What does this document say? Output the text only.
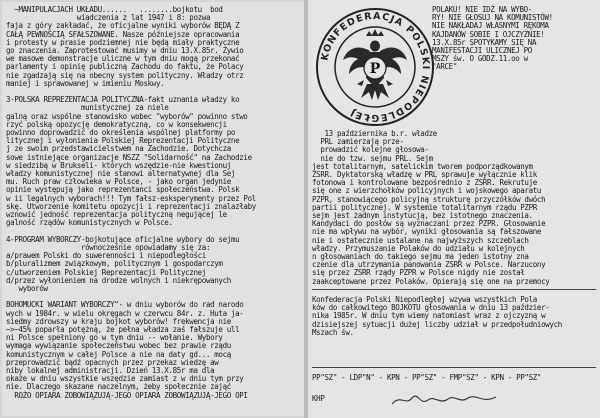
~MANIPULACJACH UKŁADU......   ........bojkotu  bod
wiadczenia z lat 1947 i 8: pozwa
faja z góry zakładać, że oficjalne wyniki wyborów BĘDĄ Z
CAŁĄ PEWNOŚCIĄ SFAŁSZOWANE. Nasze późniejsze opracowania
i protesty w prasie podziemnej nie będą miały praktyczne
go znaczenia. Zaprotestować musimy w dniu 13.X.85r. Żywio
we masowe demonstracje uliczne w tym dniu mogą przekonać
parlamenty i opinię publiczną Zachodu do faktu, że Polacy
nie zgadzają się na obecny system polityczny. Władzy otrz
maniej i sprawowanej w imieniu Moskwy.

3-POLSKA REPREZENTACJA POLITYCZNA-fakt uznania władzy ko
munistycznej za niele
galną oraz wspólne stanowisko wobec "wyborów" powinno stwo
rzyć polską opozycję demokratyczną, co w konsekwencji
powinno doprowadzić do określenia wspólnej platformy po
litycznej i wyłonienia Polskiej Reprezentacji Polityczne
j ze swoim przedstawicielstwem na Zachodzie. Dotychcza
sowe istniejące organizacje NSZZ "Solidarność" na Zachodzie
w siedzibą w Brukseli- których wszędzie-nie kwestionuj
władzy komunistycznej nie stanowi alternatywnej dla Sej
mu. Ruch praw człowieka w Polsce, - jako organ jedynie
opinie występują jako reprezentanci społeczeństwa. Polsk
w ii legalnych wyborach!!! Tym fałsz-esksperymenty przez Pol
skę. Utworzenie komitetu opozycji i reprezentacji znalazłaby
wznowić jedność reprezentacja polityczną negującej le
galność rządów komunistycznych w Polsce.

4-PROGRAM WYBORCZY-bojkotujące oficjalne wybory do sejmu
równocześnie opowiadamy się za:
a/prawem Polski do suwerenności i niepodległości
b/pluralizmem związkowym, politycznym i gospodarczym
c/utworzeniem Polskiej Reprezentacji Politycznej
d/przez wyłonieniem na drodze wolnych i niekrępowanych
wyborów

BOHOMUCKI WARIANT WYBORCZY"- w dniu wyborów do rad narodo
wych w 1984r. w wielu okręgach w czerwcu 84r. z. Huta ja-
siedmy zdrowszy w kraju bojkot wyborów! frekwencja nie
~>~45% poparła potężną, że pełna władza zaś fałszuje ull
ni Polsce spełniony go w tym dniu -- wołanie. Wybory
wymaga wywiązanie społeczeństwu wobec bez prawie rządu
komunistycznym w całej Polsce a nie na daty gd... mocą
przeprowadzić bądź opacnych przez przekaz wiedzę aw
niby lokalnej administracji. Dzień 13.X.85r ma dla
okaże w dniu wszystkie wszędzie zamiast z w dniu tym przy
nie. Dlaczego skazane naczelnym, żeby społecznie zająć
ROŻO OPIARA ZOBOWIĄZUJĄ-JEGO OPIARA ZOBOWIĄZUJĄ-JEGO OPI
KONFEDERACJA POLSKI NIEPODLEGŁEJ
P
POLAKU! NIE IDŹ NA WYBO-
RY! NIE GŁOSUJ NA KOMUNISTÓW!
NIE NAKŁADAJ WŁASNYMI RĘKOMA
KAJDANÓW SOBIE I OJCZYŹNIE!
13.X.85r SPOTYKAMY SIĘ NA
MANIFESTACJI ULICZNEJ PO
MSZY św. O GODZ.11.oo w
"ARCE"
13 października b.r. władze
PRL zamierzają prze-
prowadzić kolejne głosowa-
nie do tzw. sejmu PRL. Sejm
jest totalitarnym, satelickim tworem podporządkowanym
ZSRR. Dyktatorską władzę w PRL sprawuje wyłącznie klik
fotonowa i kontrolowane bezpośrednio z ZSRR. Rekrutuje
się one z wierzchołków policyjnych i wojskowego aparatu
PZPR, stanowiącego policyjną strukturę przyczółków dwóch
partii politycznej. W systemie totalitarnym rządu PZPR
sejm jest żadnym instytucją, bez istotnego znaczenia.
Kandydaci do posłów są wyznaczani przez PZPR. Głosowanie
nie ma wpływu na wybór, wyniki głosowania są fałszowane
nie i ostatecznie ustalane na najwyższych szczeblach
władzy. Przymuszanie Polaków do udziału w kolejnych
n głosowaniach do takiego sejmu ma jeden istotny zna
czenie dla utrzymania panowania ZSRR w Polsce. Narzucony
się przez ZSRR rządy PZPR w Polsce nigdy nie został
zaakceptowane przez Polaków. Opierają się one na przemocy
Konfederacja Polski Niepodległej wzywa wszystkich Pola
ków do całkowitego BOJKOTU głosowania w dniu 13 paździer-
nika 1985r. W dniu tym wiemy natomiast wraz z ojczyzną w
dzisiejszej sytuacji dużej liczby udział w przedpołudniowych
Mszach św.
PP"SZ" - LDP"N" - KPN - PP"SZ" - FMP"SZ" - KPN - PP"SZ"
KHP
